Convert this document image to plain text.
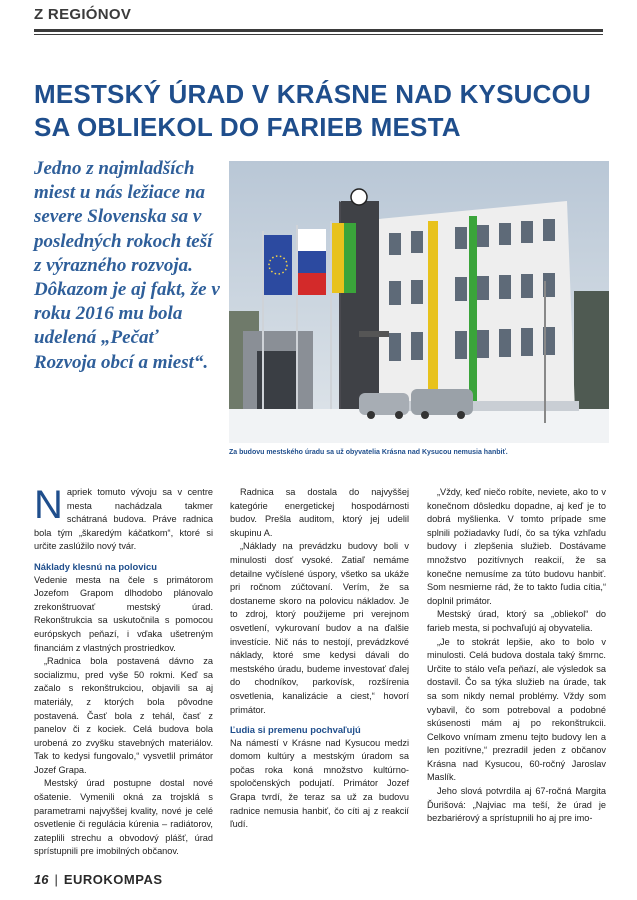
Z REGIÓNOV
MESTSKÝ ÚRAD V KRÁSNE NAD KYSUCOU SA OBLIEKOL DO FARIEB MESTA

Jedno z najmladších miest u nás ležiace na severe Slovenska sa v posledných rokoch teší z výrazného rozvoja. Dôkazom je aj fakt, že v roku 2016 mu bola udelená „Pečať Rozvoja obcí a miest“.

Za budovu mestského úradu sa už obyvatelia Krásna nad Kysucou nemusia hanbiť.

N apriek tomuto vývoju sa v centre mesta nachádzala takmer schátraná budova. Práve radnica bola tým „škaredým káčatkom“, ktoré si určite zaslúžilo nový tvár.

Náklady klesnú na polovicu

Vedenie mesta na čele s primátorom Jozefom Grapom dlhodobo plánovalo zrekonštruovať mestský úrad. Rekonštrukcia sa uskutočnila s pomocou európskych peňazí, i vďaka ušetreným financiám z vlastných prostriedkov.

„Radnica bola postavená dávno za socializmu, pred vyše 50 rokmi. Keď sa začalo s rekonštrukciou, objavili sa aj materiály, z ktorých bola pôvodne postavená. Časť bola z tehál, časť z panelov či z kociek. Celá budova bola urobená zo zvyšku stavebných materiálov. Tak to kedysi fungovalo,“ vysvetlil primátor Jozef Grapa.

Mestský úrad postupne dostal nové ošatenie. Vymenili okná za trojsklá s parametrami najvyššej kvality, nové je celé osvetlenie či regulácia kúrenia – radiátorov, zateplili strechu a obvodový plášť, úrad sprístupnili pre imobilných občanov.

Radnica sa dostala do najvyššej kategórie energetickej hospodárnosti budov. Prešla auditom, ktorý jej udelil skupinu A.

„Náklady na prevádzku budovy boli v minulosti dosť vysoké. Zatiaľ nemáme detailne vyčíslené úspory, všetko sa ukáže pri ročnom zúčtovaní. Verím, že sa dostaneme skoro na polovicu nákladov. Je to zdroj, ktorý použijeme pri verejnom osvetlení, vykurovaní budov a na ďalšie investície. Nič nás to nestojí, prevádzkové náklady, ktoré sme kedysi dávali do mestského úradu, budeme investovať ďalej do chodníkov, parkovísk, rozšírenia osvetlenia, kanalizácie a ciest,“ hovorí primátor.

Ľudia si premenu pochvaľujú

Na námestí v Krásne nad Kysucou medzi domom kultúry a mestským úradom sa počas roka koná množstvo kultúrno-spoločenských podujatí. Primátor Jozef Grapa tvrdí, že teraz sa už za budovu radnice nemusia hanbiť, čo cíti aj z reakcií ľudí.

„Vždy, keď niečo robíte, neviete, ako to v konečnom dôsledku dopadne, aj keď je to dobrá myšlienka. V tomto prípade sme splnili požiadavky ľudí, čo sa týka vzhľadu budovy i zlepšenia služieb. Dostávame množstvo pozitívnych reakcií, že sa konečne nemusíme za túto budovu hanbiť. Som nesmierne rád, že to takto ľudia cítia,“ doplnil primátor.

Mestský úrad, ktorý sa „obliekol“ do farieb mesta, si pochvaľujú aj obyvatelia.

„Je to stokrát lepšie, ako to bolo v minulosti. Celá budova dostala taký šmrnc. Určite to stálo veľa peňazí, ale výsledok sa dostavil. Čo sa týka služieb na úrade, tak sa som nikdy nemal problémy. Vždy som vybavil, čo som potreboval a podobné skúsenosti mám aj po rekonštrukcii. Celkovo vnímam zmenu tejto budovy len a len pozitívne,“ prezradil jeden z občanov Krásna nad Kysucou, 60-ročný Jaroslav Maslík.

Jeho slová potvrdila aj 67-ročná Margita Ďurišová: „Najviac ma teší, že úrad je bezbariérový a sprístupnili ho aj pre imo-

16 | EUROKOMPAS
